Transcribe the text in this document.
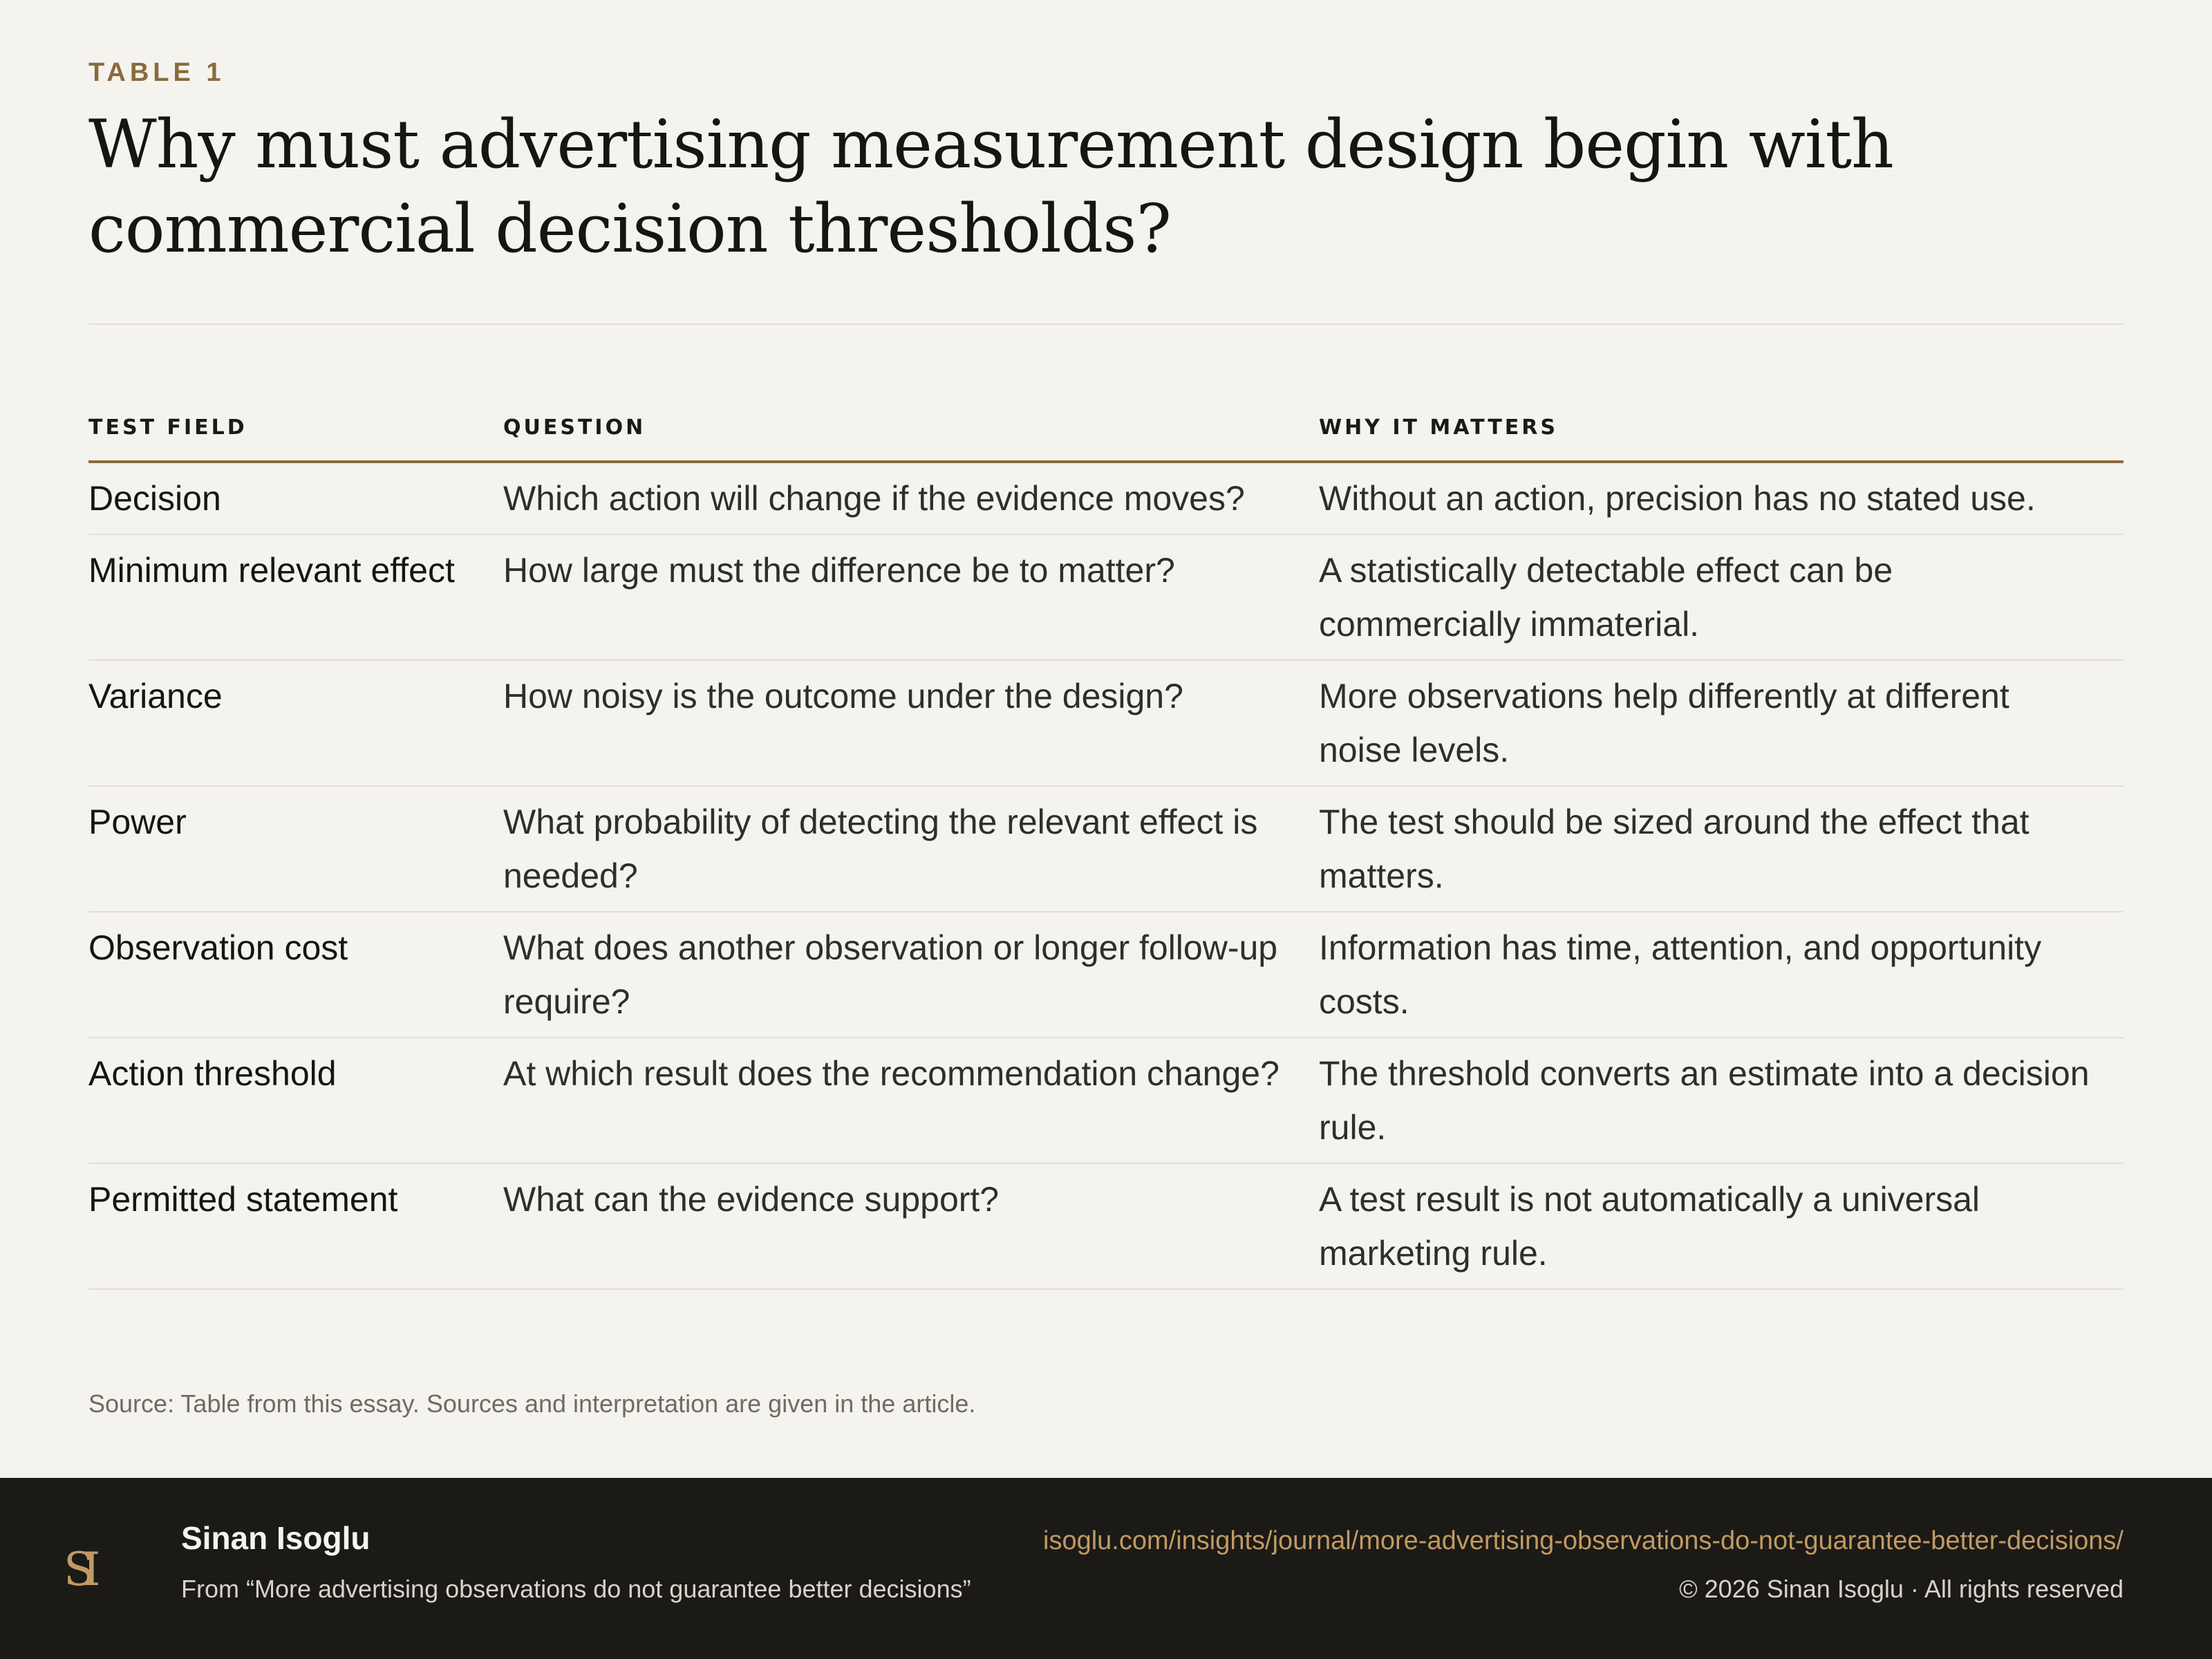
TABLE 1
Why must advertising measurement design begin with commercial decision thresholds?
TEST FIELD	QUESTION	WHY IT MATTERS
Decision	Which action will change if the evidence moves?	Without an action, precision has no stated use.
Minimum relevant effect	How large must the difference be to matter?	A statistically detectable effect can be commercially immaterial.
Variance	How noisy is the outcome under the design?	More observations help differently at different noise levels.
Power	What probability of detecting the relevant effect is needed?	The test should be sized around the effect that matters.
Observation cost	What does another observation or longer follow-up require?	Information has time, attention, and opportunity costs.
Action threshold	At which result does the recommendation change?	The threshold converts an estimate into a decision rule.
Permitted statement	What can the evidence support?	A test result is not automatically a universal marketing rule.
Source: Table from this essay. Sources and interpretation are given in the article.
SI
Sinan Isoglu
From “More advertising observations do not guarantee better decisions”
isoglu.com/insights/journal/more-advertising-observations-do-not-guarantee-better-decisions/
© 2026 Sinan Isoglu · All rights reserved
